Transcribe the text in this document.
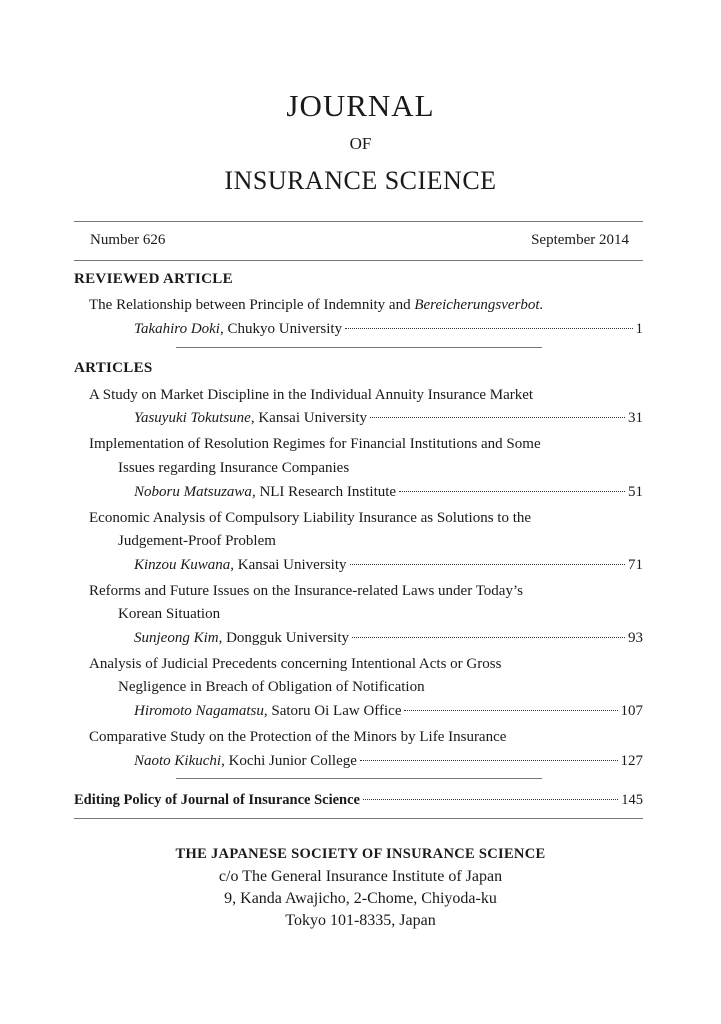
JOURNAL
OF
INSURANCE SCIENCE
Number 626	September 2014
REVIEWED ARTICLE
The Relationship between Principle of Indemnity and Bereicherungsverbot.
Takahiro Doki , Chukyo University	1
ARTICLES
A Study on Market Discipline in the Individual Annuity Insurance Market
Yasuyuki Tokutsune , Kansai University	31
Implementation of Resolution Regimes for Financial Institutions and Some
Issues regarding Insurance Companies
Noboru Matsuzawa , NLI Research Institute	51
Economic Analysis of Compulsory Liability Insurance as Solutions to the
Judgement-Proof Problem
Kinzou Kuwana , Kansai University	71
Reforms and Future Issues on the Insurance-related Laws under Today’s
Korean Situation
Sunjeong Kim , Dongguk University	93
Analysis of Judicial Precedents concerning Intentional Acts or Gross
Negligence in Breach of Obligation of Notification
Hiromoto Nagamatsu , Satoru Oi Law Office	107
Comparative Study on the Protection of the Minors by Life Insurance
Naoto Kikuchi , Kochi Junior College	127
Editing Policy of Journal of Insurance Science	145
THE JAPANESE SOCIETY OF INSURANCE SCIENCE
c/o The General Insurance Institute of Japan
9, Kanda Awajicho, 2-Chome, Chiyoda-ku
Tokyo 101-8335, Japan
